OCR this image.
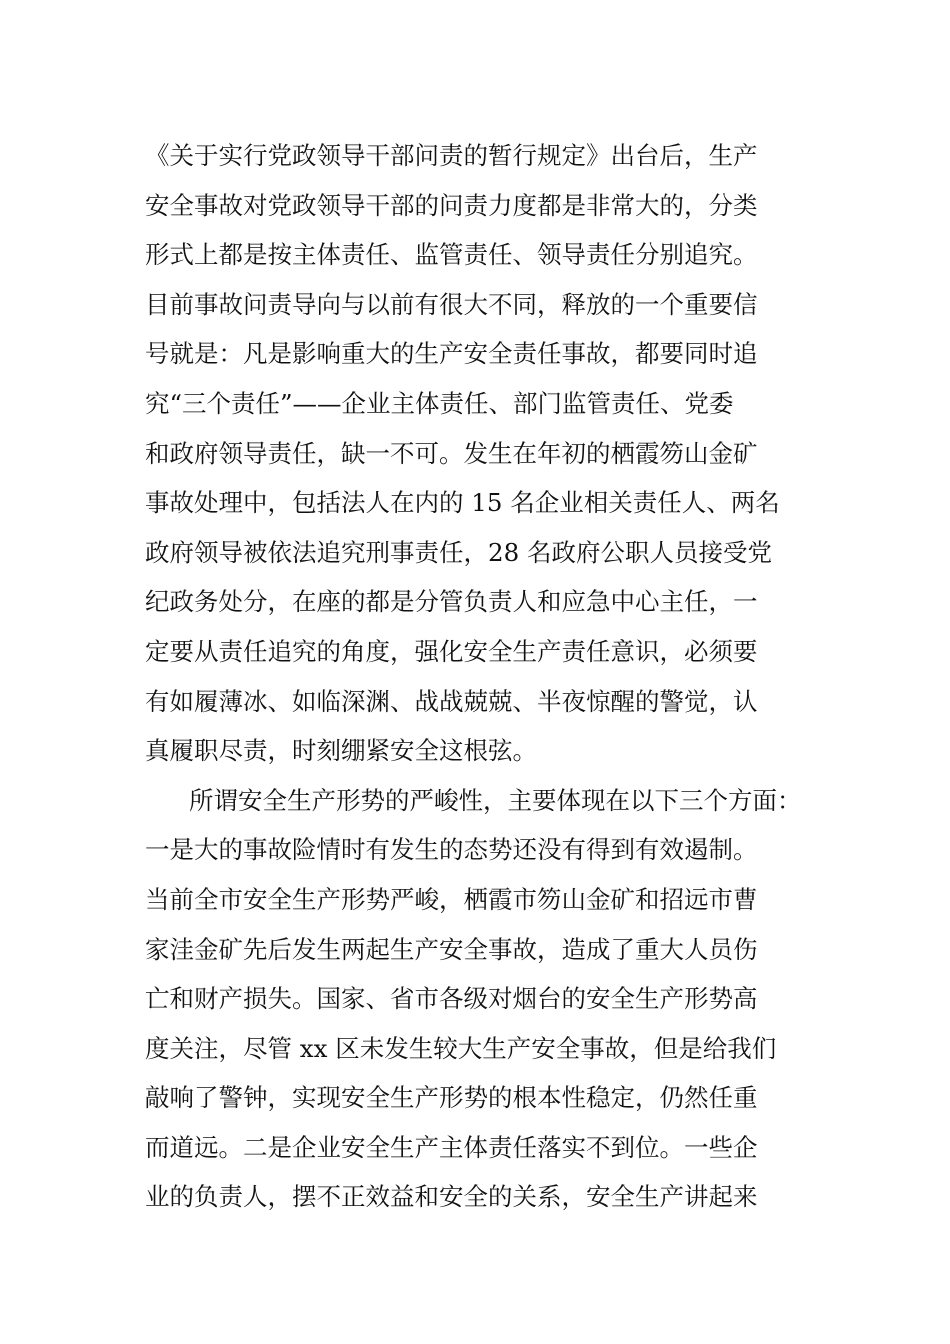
《关于实行党政领导干部问责的暂行规定》出台后，生产
安全事故对党政领导干部的问责力度都是非常大的，分类
形式上都是按主体责任、监管责任、领导责任分别追究。
目前事故问责导向与以前有很大不同，释放的一个重要信
号就是：凡是影响重大的生产安全责任事故，都要同时追
究“三个责任”——企业主体责任、部门监管责任、党委
和政府领导责任，缺一不可。发生在年初的栖霞笏山金矿
事故处理中，包括法人在内的 15 名企业相关责任人、两名
政府领导被依法追究刑事责任，28 名政府公职人员接受党
纪政务处分，在座的都是分管负责人和应急中心主任，一
定要从责任追究的角度，强化安全生产责任意识，必须要
有如履薄冰、如临深渊、战战兢兢、半夜惊醒的警觉，认
真履职尽责，时刻绷紧安全这根弦。
所谓安全生产形势的严峻性，主要体现在以下三个方面：
一是大的事故险情时有发生的态势还没有得到有效遏制。
当前全市安全生产形势严峻，栖霞市笏山金矿和招远市曹
家洼金矿先后发生两起生产安全事故，造成了重大人员伤
亡和财产损失。国家、省市各级对烟台的安全生产形势高
度关注，尽管 xx 区未发生较大生产安全事故，但是给我们
敲响了警钟，实现安全生产形势的根本性稳定，仍然任重
而道远。二是企业安全生产主体责任落实不到位。一些企
业的负责人，摆不正效益和安全的关系，安全生产讲起来
